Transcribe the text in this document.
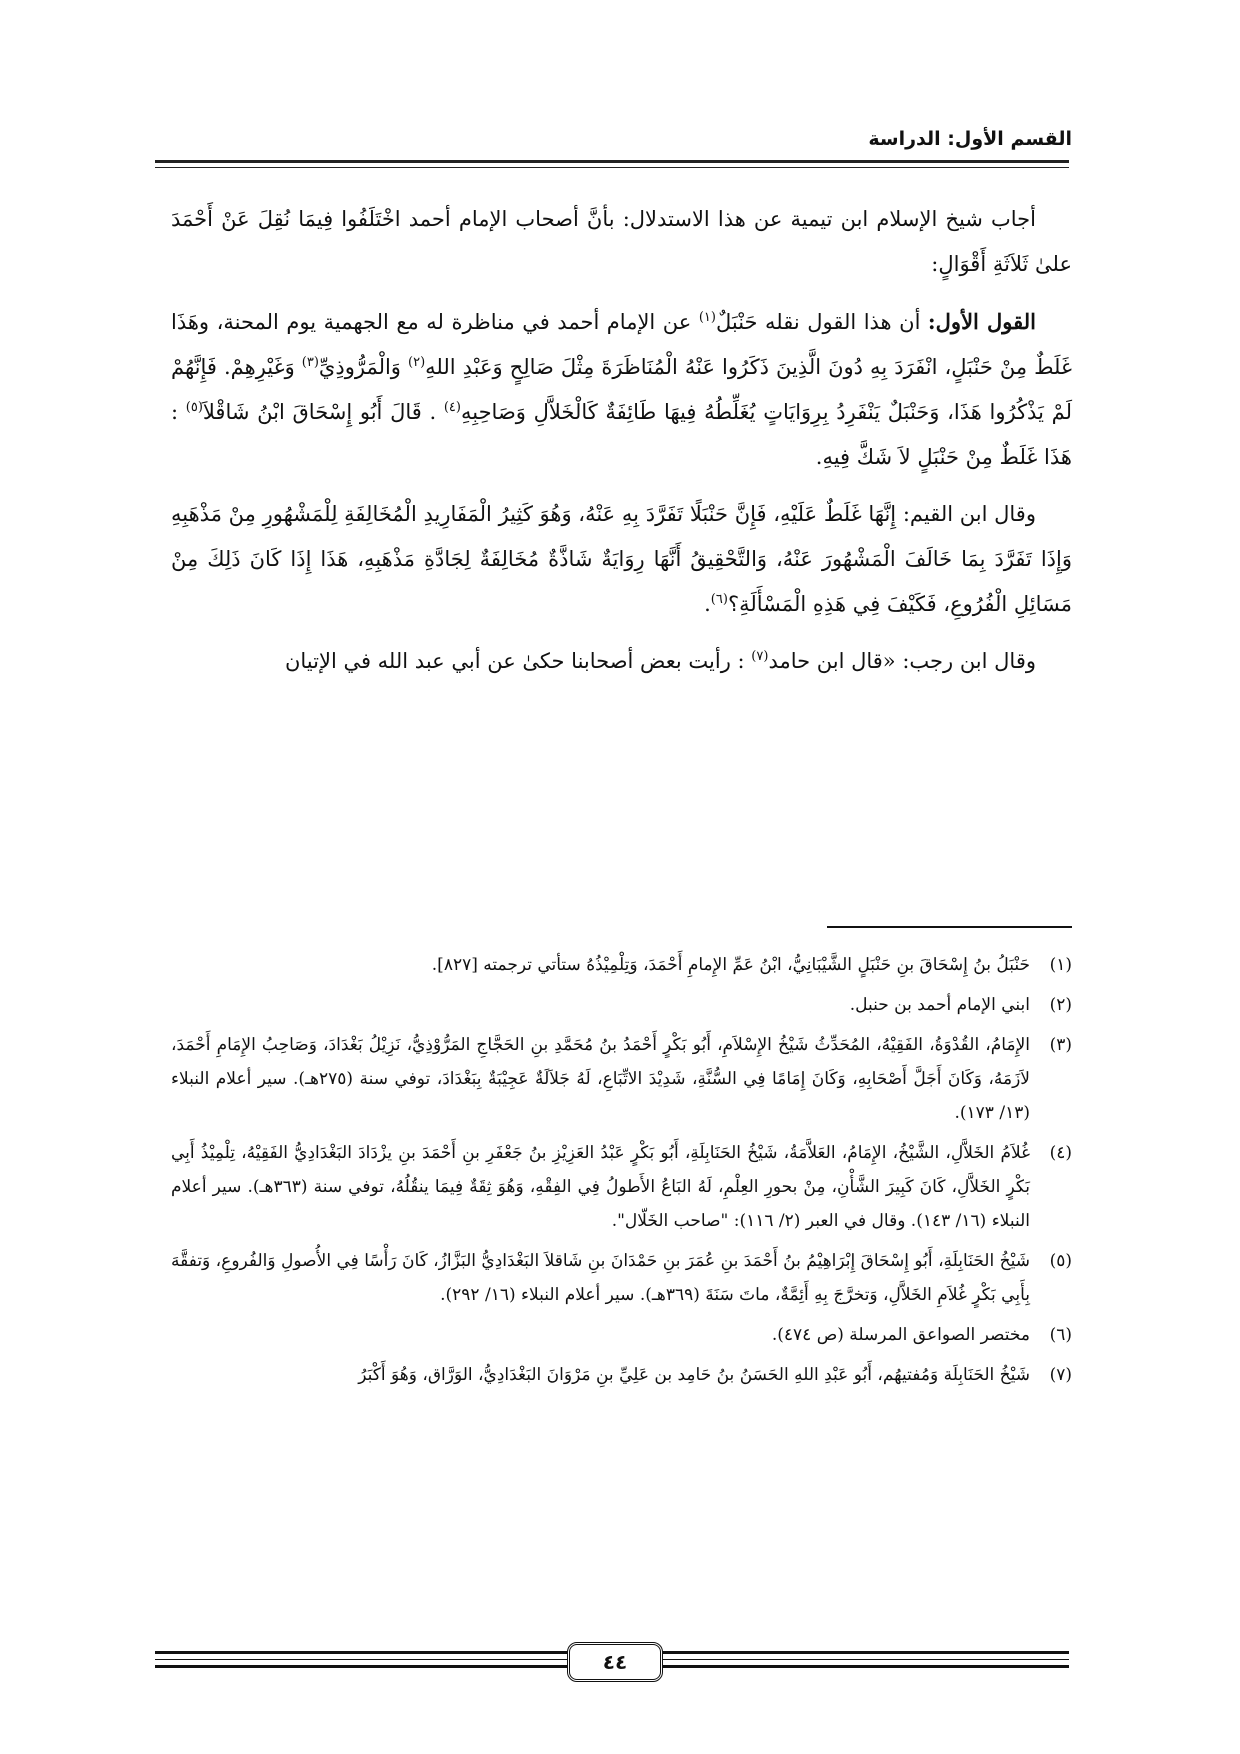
القسم الأول: الدراسة

أجاب شيخ الإسلام ابن تيمية عن هذا الاستدلال: بأنَّ أصحاب الإمام أحمد اخْتَلَفُوا فِيمَا نُقِلَ عَنْ أَحْمَدَ علىٰ ثَلاَثَةِ أَقْوَالٍ:

القول الأول: أن هذا القول نقله حَنْبَلٌ$^{(١)}$ عن الإمام أحمد في مناظرة له مع الجهمية يوم المحنة، وهَذَا غَلَطٌ مِنْ حَنْبَلٍ، انْفَرَدَ بِهِ دُونَ الَّذِينَ ذَكَرُوا عَنْهُ الْمُنَاظَرَةَ مِثْلَ صَالِحٍ وَعَبْدِ اللهِ$^{(٢)}$ وَالْمَرُّوذِيِّ$^{(٣)}$ وَغَيْرِهِمْ. فَإِنَّهُمْ لَمْ يَذْكُرُوا هَذَا، وَحَنْبَلٌ يَنْفَرِدُ بِرِوَايَاتٍ يُغَلِّطُهُ فِيهَا طَائِفَةٌ كَالْخَلاَّلِ وَصَاحِبِهِ$^{(٤)}$ . قَالَ أَبُو إِسْحَاقَ ابْنُ شَاقْلاَ$^{(٥)}$ : هَذَا غَلَطٌ مِنْ حَنْبَلٍ لاَ شَكَّ فِيهِ.

وقال ابن القيم: إِنَّهَا غَلَطٌ عَلَيْهِ، فَإِنَّ حَنْبَلًا تَفَرَّدَ بِهِ عَنْهُ، وَهُوَ كَثِيرُ الْمَفَارِيدِ الْمُخَالِفَةِ لِلْمَشْهُورِ مِنْ مَذْهَبِهِ وَإِذَا تَفَرَّدَ بِمَا خَالَفَ الْمَشْهُورَ عَنْهُ، وَالتَّحْقِيقُ أَنَّهَا رِوَايَةٌ شَاذَّةٌ مُخَالِفَةٌ لِجَادَّةِ مَذْهَبِهِ، هَذَا إِذَا كَانَ ذَلِكَ مِنْ مَسَائِلِ الْفُرُوعِ، فَكَيْفَ فِي هَذِهِ الْمَسْأَلَةِ؟$^{(٦)}$.

وقال ابن رجب: «قال ابن حامد$^{(٧)}$ : رأيت بعض أصحابنا حكىٰ عن أبي عبد الله في الإتيان

(١)حَنْبَلُ بنُ إِسْحَاقَ بنِ حَنْبَلٍ الشَّيْبَانِيُّ، ابْنُ عَمِّ الإِمامِ أَحْمَدَ، وَتِلْمِيْذُهُ ستأتي ترجمته [٨٢٧].
(٢)ابني الإمام أحمد بن حنبل.
(٣)الإِمَامُ، القُدْوَةُ، الفَقِيْهُ، المُحَدِّثُ شَيْخُ الإِسْلاَمِ، أَبُو بَكْرٍ أَحْمَدُ بنُ مُحَمَّدِ بنِ الحَجَّاجِ المَرُّوْذِيُّ، نَزِيْلُ بَغْدَادَ، وَصَاحِبُ الإِمَامِ أَحْمَدَ، لاَزَمَهُ، وَكَانَ أَجَلَّ أَصْحَابِهِ، وَكَانَ إِمَامًا فِي السُّنَّةِ، شَدِيْدَ الاتِّبَاعِ، لَهُ جَلاَلَةٌ عَجِيْبَةٌ بِبَغْدَادَ، توفي سنة (٢٧٥هـ). سير أعلام النبلاء (١٣/ ١٧٣).
(٤)غُلاَمُ الخَلاَّلِ، الشَّيْخُ، الإِمَامُ، العَلاَّمَةُ، شَيْخُ الحَنَابِلَةِ، أَبُو بَكْرٍ عَبْدُ العَزِيْزِ بنُ جَعْفَرِ بنِ أَحْمَدَ بنِ يزْدَادَ البَغْدَادِيُّ الفَقِيْهُ، تِلْمِيْذُ أَبِي بَكْرٍ الخَلاَّلِ، كَانَ كَبِيرَ الشَّأْنِ، مِنْ بحورِ العِلْمِ، لَهُ البَاعُ الأَطولُ فِي الفِقْهِ، وَهُوَ ثِقَةٌ فِيمَا ينقُلُهُ، توفي سنة (٣٦٣هـ). سير أعلام النبلاء (١٦/ ١٤٣). وقال في العبر (٢/ ١١٦): "صاحب الخَلّال".
(٥)شَيْخُ الحَنَابِلَةِ، أَبُو إِسْحَاقَ إِبْرَاهِيْمُ بنُ أَحْمَدَ بنِ عُمَرَ بنِ حَمْدَانَ بنِ شَاقلاَ البَغْدَادِيُّ البَزَّازُ، كَانَ رَأْسًا فِي الأُصولِ وَالفُروعِ، وَتفقَّهَ بِأَبِي بَكْرٍ غُلاَمِ الخَلاَّلِ، وَتخرَّجَ بِهِ أَئِمَّةٌ، ماتَ سَنَةَ (٣٦٩هـ). سير أعلام النبلاء (١٦/ ٢٩٢).
(٦)مختصر الصواعق المرسلة (ص ٤٧٤).
(٧)شَيْخُ الحَنَابِلَة وَمُفتيهُم، أَبُو عَبْدِ اللهِ الحَسَنُ بنُ حَامِد بن عَلِيِّ بنِ مَرْوَانَ البَغْدَادِيُّ، الوَرَّاق، وَهُوَ أَكْبَرُ
٤٤
